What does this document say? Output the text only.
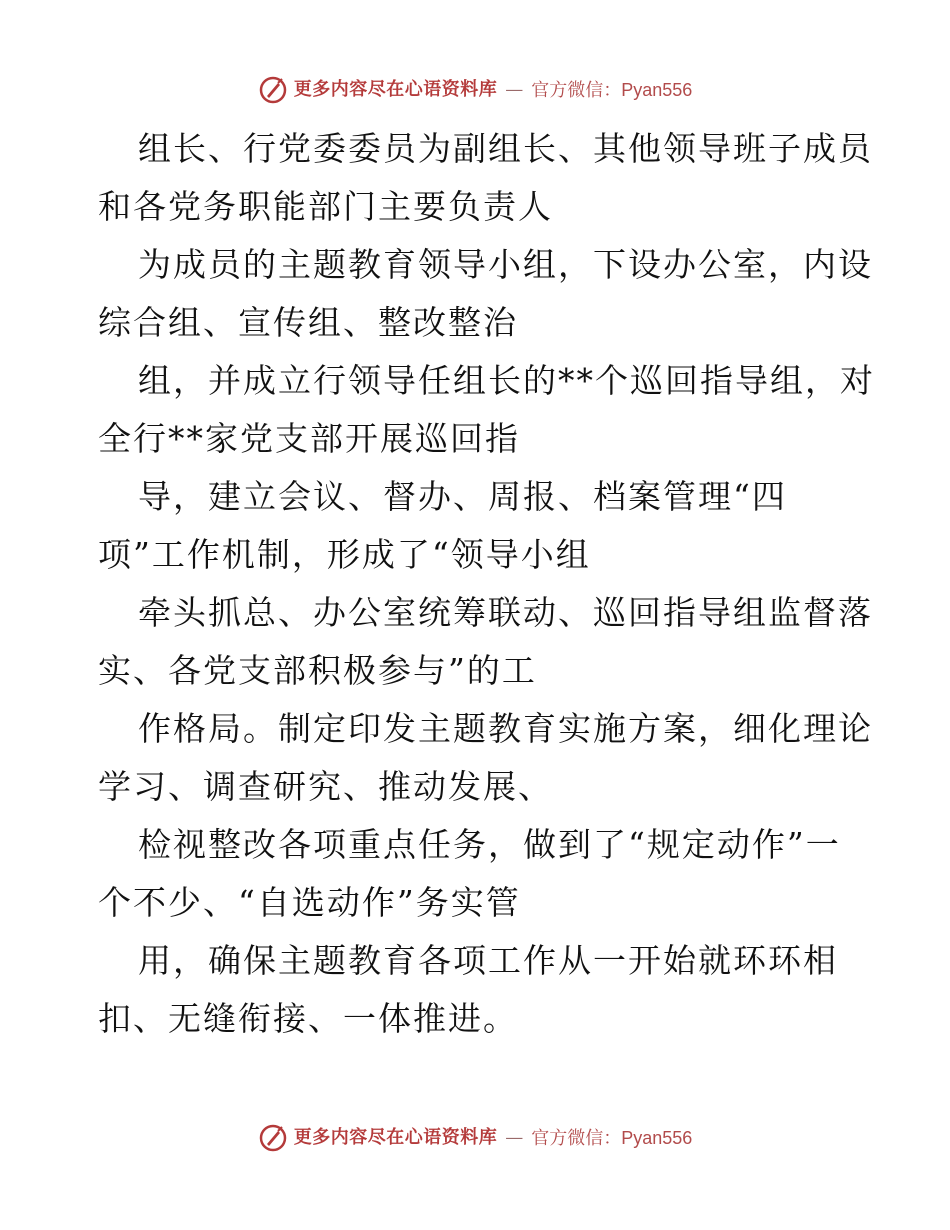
更多内容尽在心语资料库 — 官方微信：Pyan556

组长、行党委委员为副组长、其他领导班子成员
和各党务职能部门主要负责人

为成员的主题教育领导小组，下设办公室，内设
综合组、宣传组、整改整治

组，并成立行领导任组长的**个巡回指导组，对
全行**家党支部开展巡回指

导，建立会议、督办、周报、档案管理“四
项”工作机制，形成了“领导小组

牵头抓总、办公室统筹联动、巡回指导组监督落
实、各党支部积极参与”的工

作格局。制定印发主题教育实施方案，细化理论
学习、调查研究、推动发展、

检视整改各项重点任务，做到了“规定动作”一
个不少、“自选动作”务实管

用，确保主题教育各项工作从一开始就环环相
扣、无缝衔接、一体推进。

更多内容尽在心语资料库 — 官方微信：Pyan556
